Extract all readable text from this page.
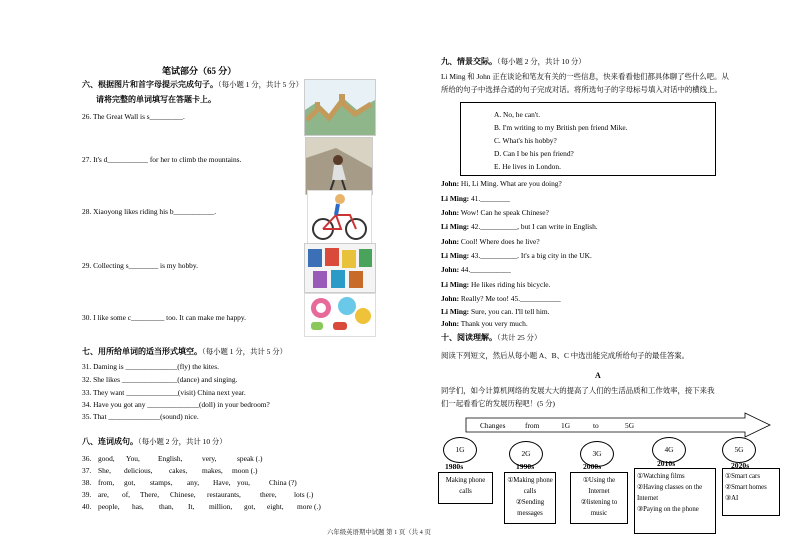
笔试部分（65 分）
六、根据图片和首字母提示完成句子。（每小题 1 分，共计 5 分）
请将完整的单词填写在答题卡上。
26. The Great Wall is s_________.
27. It's d___________ for her to climb the mountains.
28. Xiaoyong likes riding his b___________.
29. Collecting s________ is my hobby.
30. I like some c_________ too. It can make me happy.
七、用所给单词的适当形式填空。（每小题 1 分，共计 5 分）
31. Daming is ______________(fly) the kites.
32. She likes _______________(dance) and singing.
33. They want ______________(visit) China next year.
34. Have you got any ______________(doll) in your bedroom?
35. That ______________(sound) nice.
八、连词成句。（每小题 2 分，共计 10 分）
36. good, You, English,	very,	speak (.)
37. She, delicious, cakes, makes, moon (.)
38. from, got, stamps, any, Have, you,	China (?)
39. are, of, There, Chinese, restaurants,	there, lots (.)
40. people, has, than, It, million, got, eight, more (.)
六年级英语期中试题 第 1 页（共 4 页
九、情景交际。（每小题 2 分，共计 10 分）
Li Ming 和 John 正在谈论和笔友有关的一些信息，快来看看他们都具体聊了些什么吧。从
所给的句子中选择合适的句子完成对话。将所选句子的字母标号填入对话中的横线上。
A. No, he can't.
B. I'm writing to my British pen friend Mike.
C. What's his hobby?
D. Can I be his pen friend?
E. He lives in London.
John: Hi, Li Ming. What are you doing?
Li Ming: 41.________
John: Wow! Can he speak Chinese?
Li Ming: 42.__________, but I can write in English.
John: Cool! Where does he live?
Li Ming: 43.__________. It's a big city in the UK.
John: 44.___________
Li Ming: He likes riding his bicycle.
John: Really? Me too! 45.___________
Li Ming: Sure, you can. I'll tell him.
John: Thank you very much.
十、阅读理解。（共计 25 分）
阅读下列短文，然后从每小题 A、B、C 中选出能完成所给句子的最佳答案。
A
同学们，如今计算机网络的发展大大的提高了人们的生活品质和工作效率，接下来我
们一起看看它的发展历程吧！(5 分)
Changes	from	1G	to	5G
1G	2G	3G	4G	5G
1980s	1990s	2000s	2010s	2020s
Making phone calls
①Making phone calls
②Sending messages
①Using the Internet
②listening to music
①Watching films
②Having classes on the Internet
③Paying on the phone
①Smart cars
②Smart homes
③AI
